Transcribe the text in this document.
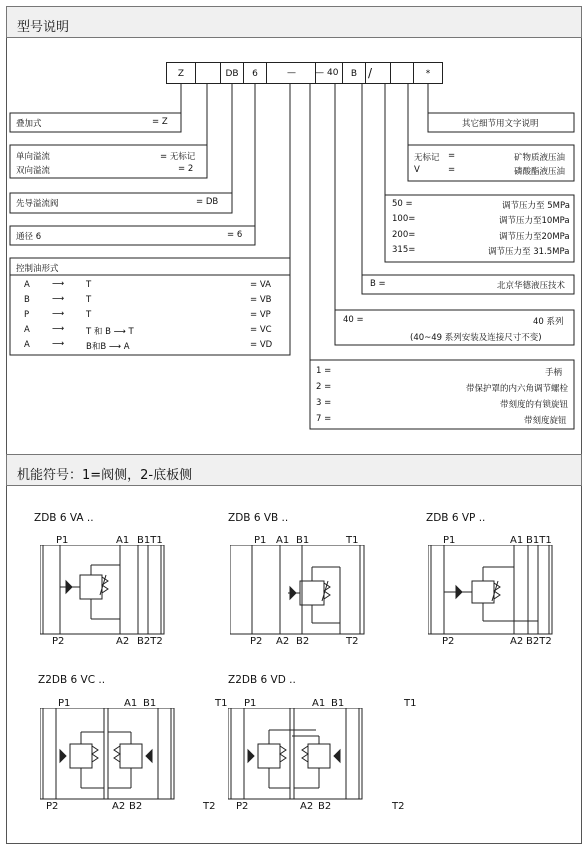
型号说明
机能符号：1=阀侧，2-底板侧
Z	DB	6	— — 40	B /	*
叠加式	= Z
单向溢流	= 无标记
双向溢流	= 2
先导溢流阀	= DB
通径 6	= 6
控制油形式
A	⟶	T	= VA
B	⟶	T	= VB
P	⟶	T	= VP
A	⟶	T 和 B ⟶ T	= VC
A	⟶	B和B ⟶ A	= VD
其它细节用文字说明
无标记 =	矿物质液压油
V	=	磷酸酯液压油
50 =	调节压力至 5MPa
100=	调节压力至10MPa
200=	调节压力至20MPa
315=	调节压力至 31.5MPa
B =	北京华德液压技术
40 =	40 系列
(40~49 系列安装及连接尺寸不变)
1 =	手柄
2 =	带保护罩的内六角调节螺栓
3 =	带刻度的有锁旋钮
7 =	带刻度旋钮
ZDB 6 VA ..
P1	A1 B1T1
P2	A2 B2T2
ZDB 6 VB ..
P1 A1 B1	T1
P2 A2 B2	T2
ZDB 6 VP ..
P1	A1 B1T1
P2	A2 B2T2
Z2DB 6 VC ..
P1	A1 B1	T1
P2	A2 B2	T2
Z2DB 6 VD ..
P1	A1 B1	T1
P2	A2 B2	T2
